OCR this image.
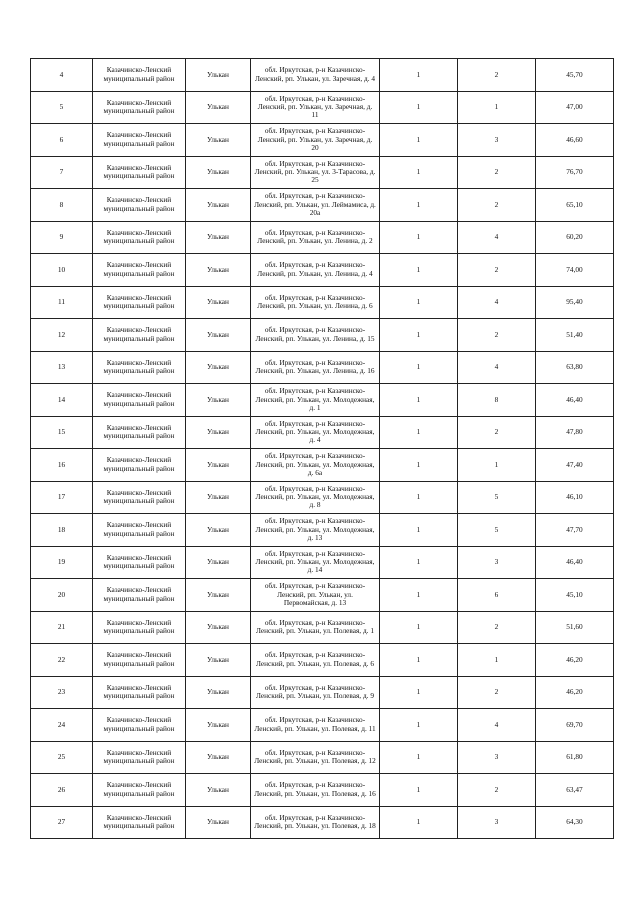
4	Казачинско-Ленский муниципальный район	Улькан	обл. Иркутская, р-н Казачинско-Ленский, рп. Улькан, ул. Заречная, д. 4	1	2	45,70
5	Казачинско-Ленский муниципальный район	Улькан	обл. Иркутская, р-н Казачинско-Ленский, рп. Улькан, ул. Заречная, д. 11	1	1	47,00
6	Казачинско-Ленский муниципальный район	Улькан	обл. Иркутская, р-н Казачинско-Ленский, рп. Улькан, ул. Заречная, д. 20	1	3	46,60
7	Казачинско-Ленский муниципальный район	Улькан	обл. Иркутская, р-н Казачинско-Ленский, рп. Улькан, ул. 3-Тарасова, д. 25	1	2	76,70
8	Казачинско-Ленский муниципальный район	Улькан	обл. Иркутская, р-н Казачинско-Ленский, рп. Улькан, ул. Леймамиса, д. 20а	1	2	65,10
9	Казачинско-Ленский муниципальный район	Улькан	обл. Иркутская, р-н Казачинско-Ленский, рп. Улькан, ул. Ленина, д. 2	1	4	60,20
10	Казачинско-Ленский муниципальный район	Улькан	обл. Иркутская, р-н Казачинско-Ленский, рп. Улькан, ул. Ленина, д. 4	1	2	74,00
11	Казачинско-Ленский муниципальный район	Улькан	обл. Иркутская, р-н Казачинско-Ленский, рп. Улькан, ул. Ленина, д. 6	1	4	95,40
12	Казачинско-Ленский муниципальный район	Улькан	обл. Иркутская, р-н Казачинско-Ленский, рп. Улькан, ул. Ленина, д. 15	1	2	51,40
13	Казачинско-Ленский муниципальный район	Улькан	обл. Иркутская, р-н Казачинско-Ленский, рп. Улькан, ул. Ленина, д. 16	1	4	63,80
14	Казачинско-Ленский муниципальный район	Улькан	обл. Иркутская, р-н Казачинско-Ленский, рп. Улькан, ул. Молодежная, д. 1	1	8	46,40
15	Казачинско-Ленский муниципальный район	Улькан	обл. Иркутская, р-н Казачинско-Ленский, рп. Улькан, ул. Молодежная, д. 4	1	2	47,80
16	Казачинско-Ленский муниципальный район	Улькан	обл. Иркутская, р-н Казачинско-Ленский, рп. Улькан, ул. Молодежная, д. 6а	1	1	47,40
17	Казачинско-Ленский муниципальный район	Улькан	обл. Иркутская, р-н Казачинско-Ленский, рп. Улькан, ул. Молодежная, д. 8	1	5	46,10
18	Казачинско-Ленский муниципальный район	Улькан	обл. Иркутская, р-н Казачинско-Ленский, рп. Улькан, ул. Молодежная, д. 13	1	5	47,70
19	Казачинско-Ленский муниципальный район	Улькан	обл. Иркутская, р-н Казачинско-Ленский, рп. Улькан, ул. Молодежная, д. 14	1	3	46,40
20	Казачинско-Ленский муниципальный район	Улькан	обл. Иркутская, р-н Казачинско-Ленский, рп. Улькан, ул. Первомайская, д. 13	1	6	45,10
21	Казачинско-Ленский муниципальный район	Улькан	обл. Иркутская, р-н Казачинско-Ленский, рп. Улькан, ул. Полевая, д. 1	1	2	51,60
22	Казачинско-Ленский муниципальный район	Улькан	обл. Иркутская, р-н Казачинско-Ленский, рп. Улькан, ул. Полевая, д. 6	1	1	46,20
23	Казачинско-Ленский муниципальный район	Улькан	обл. Иркутская, р-н Казачинско-Ленский, рп. Улькан, ул. Полевая, д. 9	1	2	46,20
24	Казачинско-Ленский муниципальный район	Улькан	обл. Иркутская, р-н Казачинско-Ленский, рп. Улькан, ул. Полевая, д. 11	1	4	69,70
25	Казачинско-Ленский муниципальный район	Улькан	обл. Иркутская, р-н Казачинско-Ленский, рп. Улькан, ул. Полевая, д. 12	1	3	61,80
26	Казачинско-Ленский муниципальный район	Улькан	обл. Иркутская, р-н Казачинско-Ленский, рп. Улькан, ул. Полевая, д. 16	1	2	63,47
27	Казачинско-Ленский муниципальный район	Улькан	обл. Иркутская, р-н Казачинско-Ленский, рп. Улькан, ул. Полевая, д. 18	1	3	64,30
